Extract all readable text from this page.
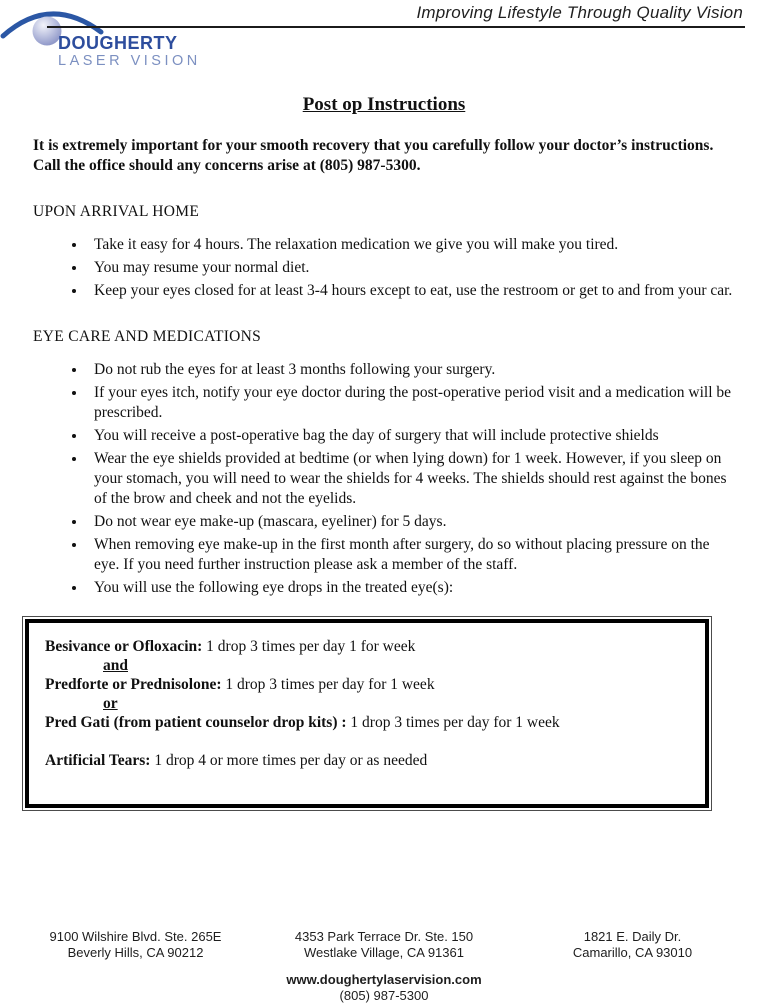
Improving Lifestyle Through Quality Vision
DOUGHERTY
LASER VISION
Post op Instructions

It is extremely important for your smooth recovery that you carefully follow your doctor’s instructions. Call the office should any concerns arise at (805) 987-5300.

UPON ARRIVAL HOME
• Take it easy for 4 hours. The relaxation medication we give you will make you tired.
• You may resume your normal diet.
• Keep your eyes closed for at least 3-4 hours except to eat, use the restroom or get to and from your car.
EYE CARE AND MEDICATIONS
• Do not rub the eyes for at least 3 months following your surgery.
• If your eyes itch, notify your eye doctor during the post-operative period visit and a medication will be prescribed.
• You will receive a post-operative bag the day of surgery that will include protective shields
• Wear the eye shields provided at bedtime (or when lying down) for 1 week. However, if you sleep on your stomach, you will need to wear the shields for 4 weeks. The shields should rest against the bones of the brow and cheek and not the eyelids.
• Do not wear eye make-up (mascara, eyeliner) for 5 days.
• When removing eye make-up in the first month after surgery, do so without placing pressure on the eye. If you need further instruction please ask a member of the staff.
• You will use the following eye drops in the treated eye(s):
Besivance or Ofloxacin: 1 drop 3 times per day 1 for week
and
Predforte or Prednisolone: 1 drop 3 times per day for 1 week
or
Pred Gati (from patient counselor drop kits) : 1 drop 3 times per day for 1 week
Artificial Tears: 1 drop 4 or more times per day or as needed
9100 Wilshire Blvd. Ste. 265E
Beverly Hills, CA 90212
4353 Park Terrace Dr. Ste. 150
Westlake Village, CA 91361
1821 E. Daily Dr.
Camarillo, CA 93010
www.doughertylaservision.com
(805) 987-5300
